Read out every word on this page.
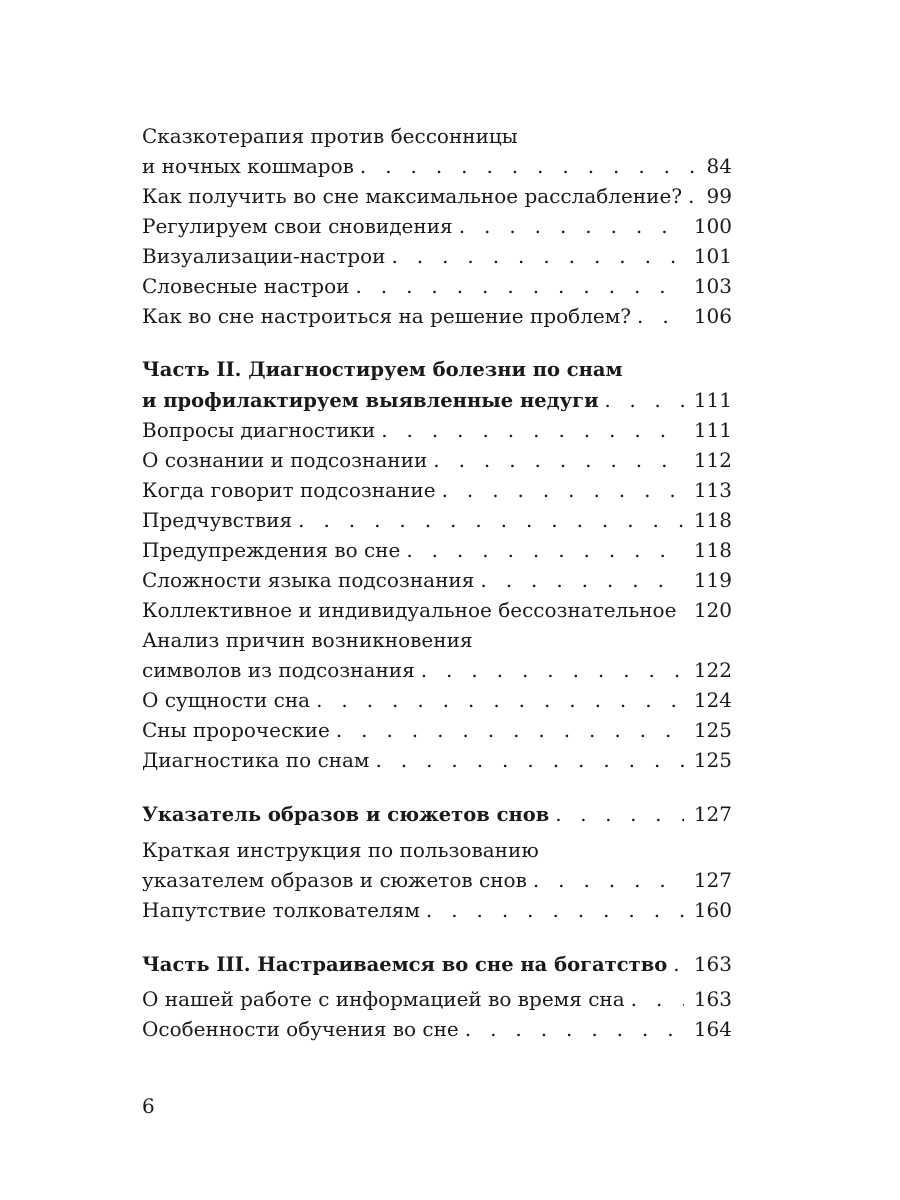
Сказкотерапия против бессонницы
и ночных кошмаров . . .	84
Как получить во сне максимальное расслабление? . . . 99
Регулируем свои сновидения . . .	100
Визуализации-настрои . . .	101
Словесные настрои . . .	103
Как во сне настроиться на решение проблем? . . .	106
Часть II. Диагностируем болезни по снам
и профилактируем выявленные недуги . . .	111
Вопросы диагностики . . .	111
О сознании и подсознании . . .	112
Когда говорит подсознание . . .	113
Предчувствия . . .	118
Предупреждения во сне . . .	118
Сложности языка подсознания . . .	119
Коллективное и индивидуальное бессознательное . . . 120
Анализ причин возникновения
символов из подсознания . . .	122
О сущности сна . . .	124
Сны пророческие . . .	125
Диагностика по снам . . .	125
Указатель образов и сюжетов снов . . .	127
Краткая инструкция по пользованию
указателем образов и сюжетов снов . . .	127
Напутствие толкователям . . .	160
Часть III. Настраиваемся во сне на богатство . . . 163
О нашей работе с информацией во время сна . . .	163
Особенности обучения во сне . . .	164
6
